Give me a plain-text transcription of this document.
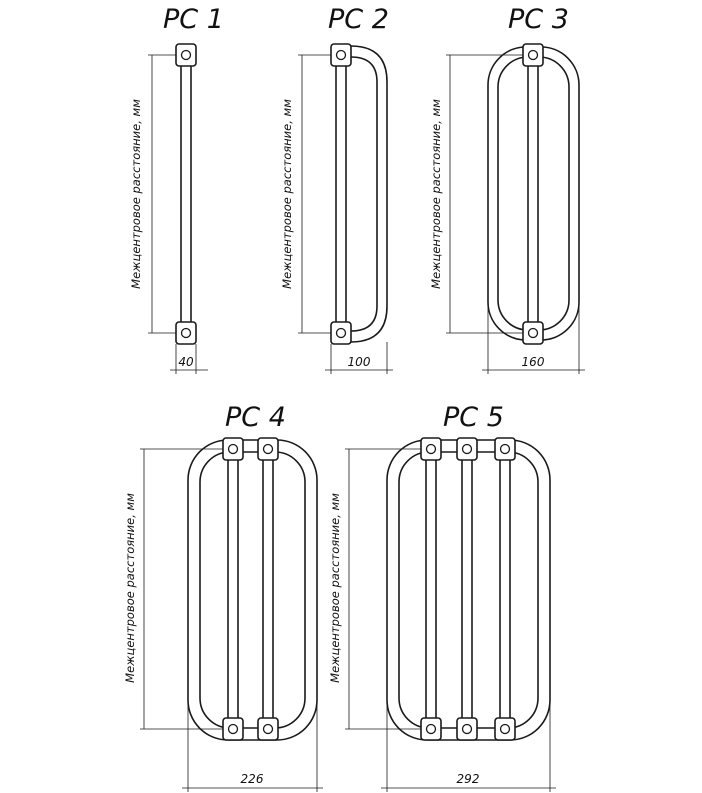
РС 1
Межцентровое расстояние, мм
40
РС 2
Межцентровое расстояние, мм
100
РС 3
Межцентровое расстояние, мм
160
РС 4
Межцентровое расстояние, мм
226
РС 5
Межцентровое расстояние, мм
292
